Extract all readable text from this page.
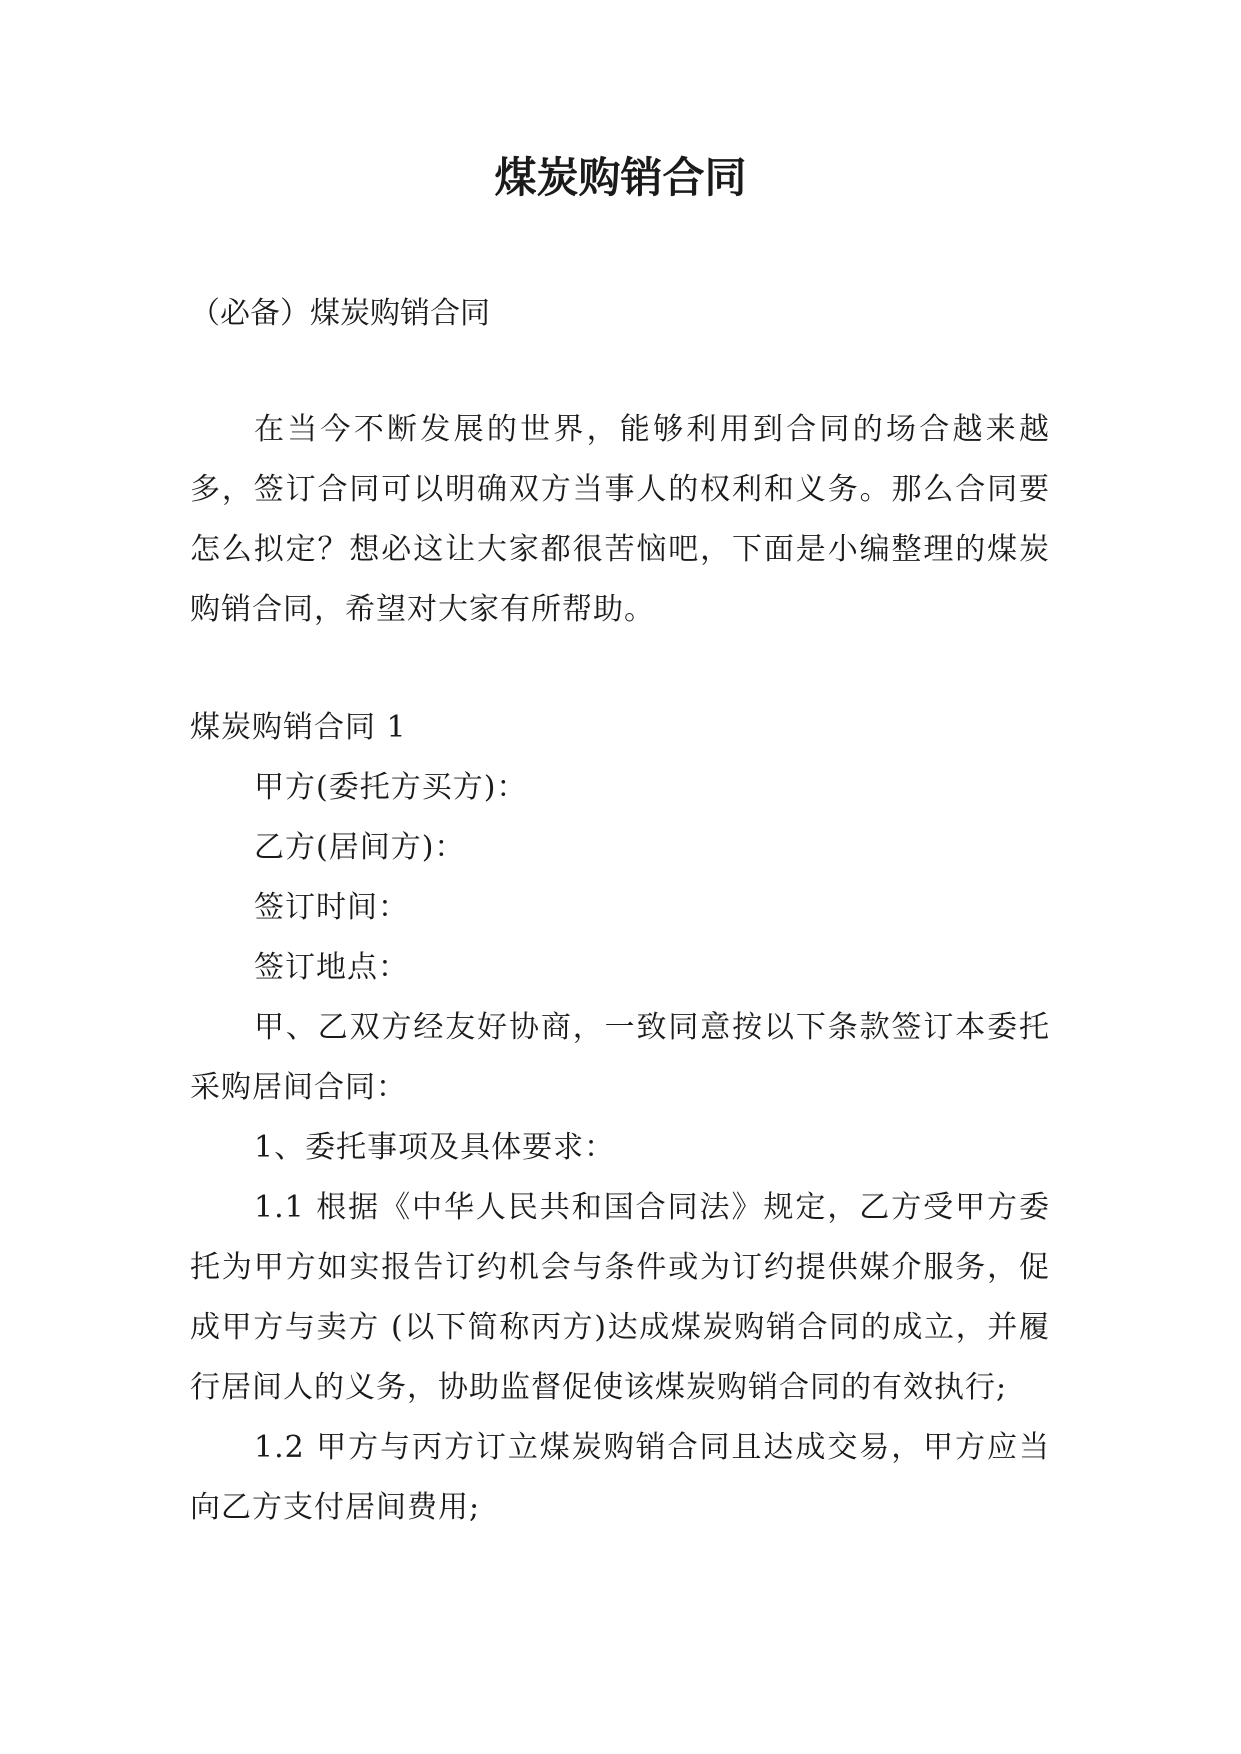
煤炭购销合同

（必备）煤炭购销合同

在当今不断发展的世界，能够利用到合同的场合越来越多，签订合同可以明确双方当事人的权利和义务。那么合同要怎么拟定？想必这让大家都很苦恼吧，下面是小编整理的煤炭购销合同，希望对大家有所帮助。

煤炭购销合同 1

甲方(委托方买方)：

乙方(居间方)：

签订时间：

签订地点：

甲、乙双方经友好协商，一致同意按以下条款签订本委托采购居间合同：

1、委托事项及具体要求：

1.1 根据《中华人民共和国合同法》规定，乙方受甲方委托为甲方如实报告订约机会与条件或为订约提供媒介服务，促成甲方与卖方 (以下简称丙方)达成煤炭购销合同的成立，并履行居间人的义务，协助监督促使该煤炭购销合同的有效执行;

1.2 甲方与丙方订立煤炭购销合同且达成交易，甲方应当向乙方支付居间费用;
